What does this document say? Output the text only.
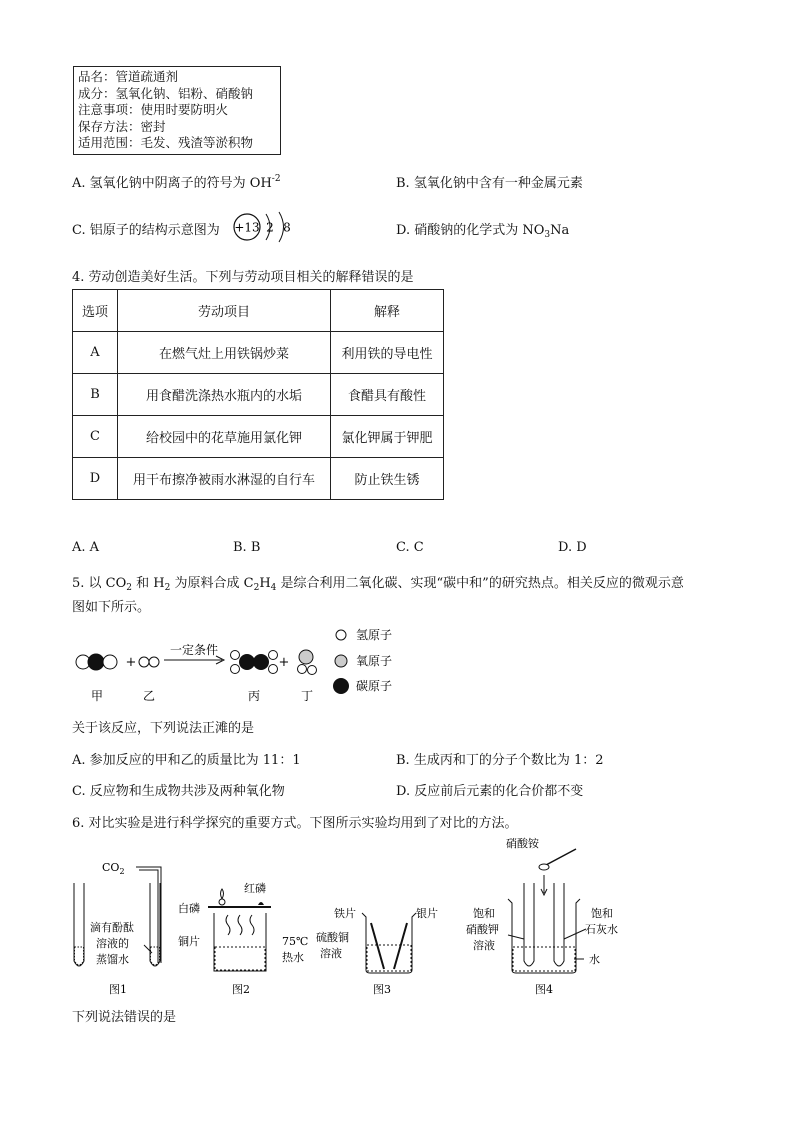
品名：管道疏通剂
成分：氢氧化钠、铝粉、硝酸钠
注意事项：使用时要防明火
保存方法：密封
适用范围：毛发、残渣等淤积物
A. 氢氧化钠中阴离子的符号为 $OH^{-2}$	B. 氢氧化钠中含有一种金属元素
C. 铝原子的结构示意图为 +13 2 8	D. 硝酸钠的化学式为 $NO_3Na$
4. 劳动创造美好生活。下列与劳动项目相关的解释错误的是
选项	劳动项目	解释
A	在燃气灶上用铁锅炒菜	利用铁的导电性
B	用食醋洗涤热水瓶内的水垢	食醋具有酸性
C	给校园中的花草施用氯化钾	氯化钾属于钾肥
D	用干布擦净被雨水淋湿的自行车	防止铁生锈
A. A	B. B	C. C	D. D
5. 以 $CO_2$ 和 $H_2$ 为原料合成 $C_2H_4$ 是综合利用二氧化碳、实现“碳中和”的研究热点。相关反应的微观示意
图如下所示。
+
一定条件
+
甲	乙	丙	丁
氢原子
氧原子
碳原子
关于该反应，下列说法正滩的是
A. 参加反应的甲和乙的质量比为 11：1	B. 生成丙和丁的分子个数比为 1：2
C. 反应物和生成物共涉及两种氧化物	D. 反应前后元素的化合价都不变
6. 对比实验是进行科学探究的重要方式。下图所示实验均用到了对比的方法。
$CO_2$
滴有酚酞
溶液的
蒸馏水
图1
红磷
白磷
铜片	75℃
热水
图2
铁片	银片
硫酸铜
溶液
图3
硝酸铵
饱和
硝酸钾
溶液
饱和
石灰水
水
图4
下列说法错误的是
